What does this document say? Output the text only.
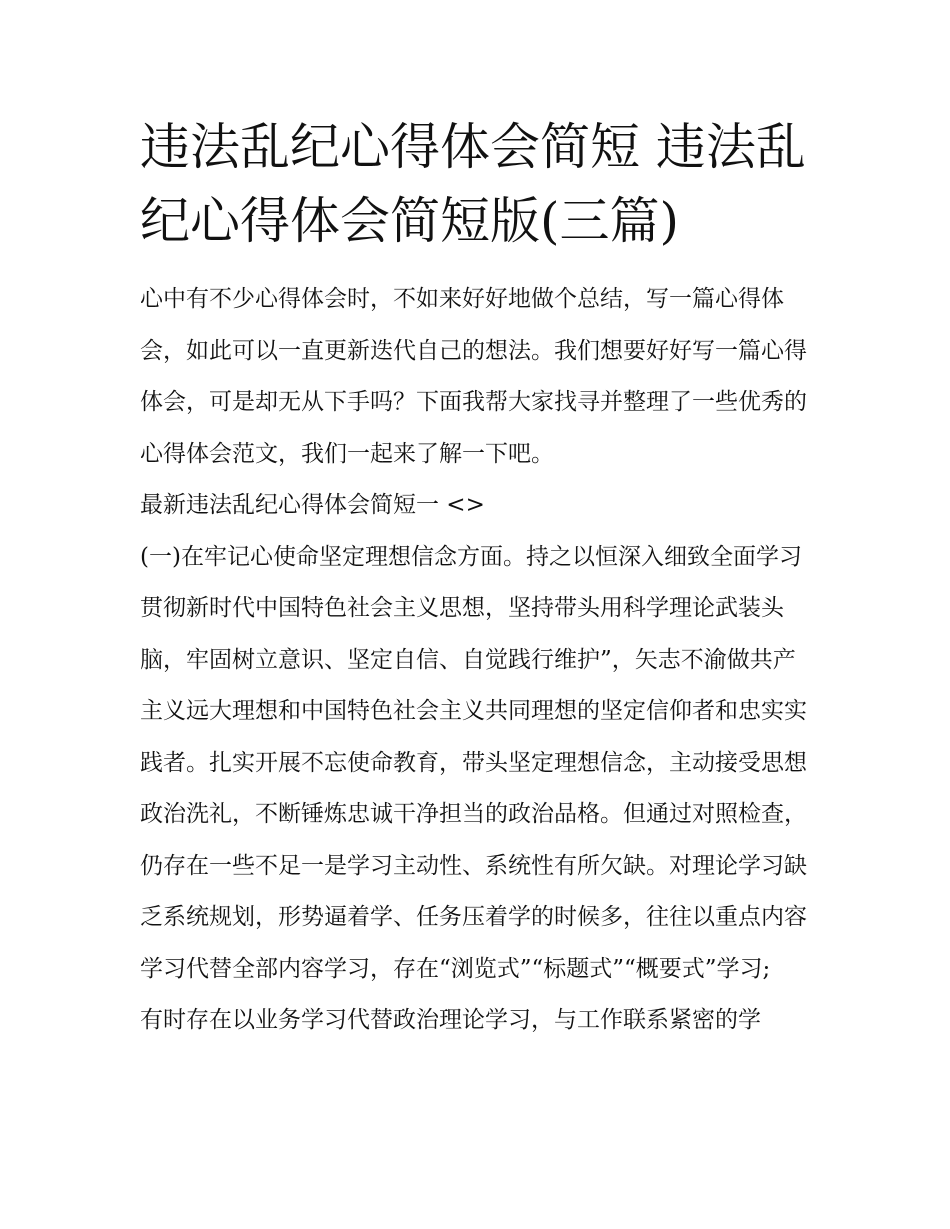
违法乱纪心得体会简短 违法乱纪心得体会简短版(三篇)

心中有不少心得体会时，不如来好好地做个总结，写一篇心得体会，如此可以一直更新迭代自己的想法。我们想要好好写一篇心得体会，可是却无从下手吗？下面我帮大家找寻并整理了一些优秀的心得体会范文，我们一起来了解一下吧。

最新违法乱纪心得体会简短一 <>

(一)在牢记心使命坚定理想信念方面。持之以恒深入细致全面学习贯彻新时代中国特色社会主义思想，坚持带头用科学理论武装头脑，牢固树立意识、坚定自信、自觉践行维护”，矢志不渝做共产主义远大理想和中国特色社会主义共同理想的坚定信仰者和忠实实践者。扎实开展不忘使命教育，带头坚定理想信念，主动接受思想政治洗礼，不断锤炼忠诚干净担当的政治品格。但通过对照检查，仍存在一些不足一是学习主动性、系统性有所欠缺。对理论学习缺乏系统规划，形势逼着学、任务压着学的时候多，往往以重点内容学习代替全部内容学习，存在“浏览式”“标题式”“概要式”学习;

有时存在以业务学习代替政治理论学习，与工作联系紧密的学
